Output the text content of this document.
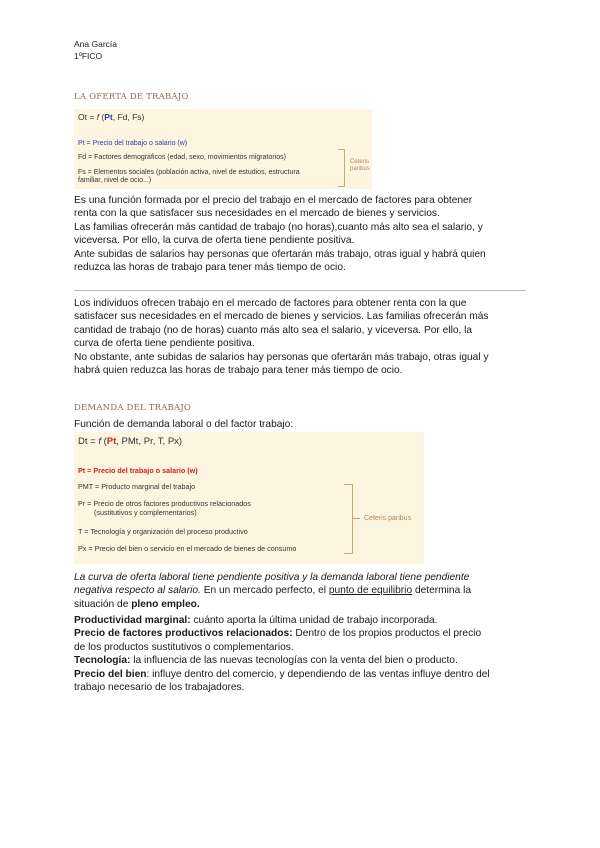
Ana García
1ºFICO
LA OFERTA DE TRABAJO
Ot = f (Pt, Fd, Fs)
Pt = Precio del trabajo o salario (w)
Fd = Factores demográficos (edad, sexo, movimientos migratorios)
Fs = Elementos sociales (población activa, nivel de estudios, estructura
familiar, nivel de ocio...)
Ceteris
paribus
Es una función formada por el precio del trabajo en el mercado de factores para obtener
renta con la que satisfacer sus necesidades en el mercado de bienes y servicios.
Las familias ofrecerán más cantidad de trabajo (no horas),cuanto más alto sea el salario, y
viceversa. Por ello, la curva de oferta tiene pendiente positiva.
Ante subidas de salarios hay personas que ofertarán más trabajo, otras igual y habrá quien
reduzca las horas de trabajo para tener más tiempo de ocio.
Los individuos ofrecen trabajo en el mercado de factores para obtener renta con la que
satisfacer sus necesidades en el mercado de bienes y servicios. Las familias ofrecerán más
cantidad de trabajo (no de horas) cuanto más alto sea el salario, y viceversa. Por ello, la
curva de oferta tiene pendiente positiva.
No obstante, ante subidas de salarios hay personas que ofertarán más trabajo, otras igual y
habrá quien reduzca las horas de trabajo para tener más tiempo de ocio.
DEMANDA DEL TRABAJO
Función de demanda laboral o del factor trabajo:
Dt = f (Pt, PMt, Pr, T, Px)
Pt = Precio del trabajo o salario (w)
PMT = Producto marginal del trabajo
Pr = Precio de otros factores productivos relacionados
(sustitutivos y complementarios)
T = Tecnología y organización del proceso productivo
Px = Precio del bien o servicio en el mercado de bienes de consumo
Ceteris paribus
La curva de oferta laboral tiene pendiente positiva y la demanda laboral tiene pendiente
negativa respecto al salario. En un mercado perfecto, el punto de equilibrio determina la
situación de pleno empleo.
Productividad marginal: cuánto aporta la última unidad de trabajo incorporada.
Precio de factores productivos relacionados: Dentro de los propios productos el precio
de los productos sustitutivos o complementarios.
Tecnología: la influencia de las nuevas tecnologías con la venta del bien o producto.
Precio del bien: influye dentro del comercio, y dependiendo de las ventas influye dentro del
trabajo necesario de los trabajadores.
